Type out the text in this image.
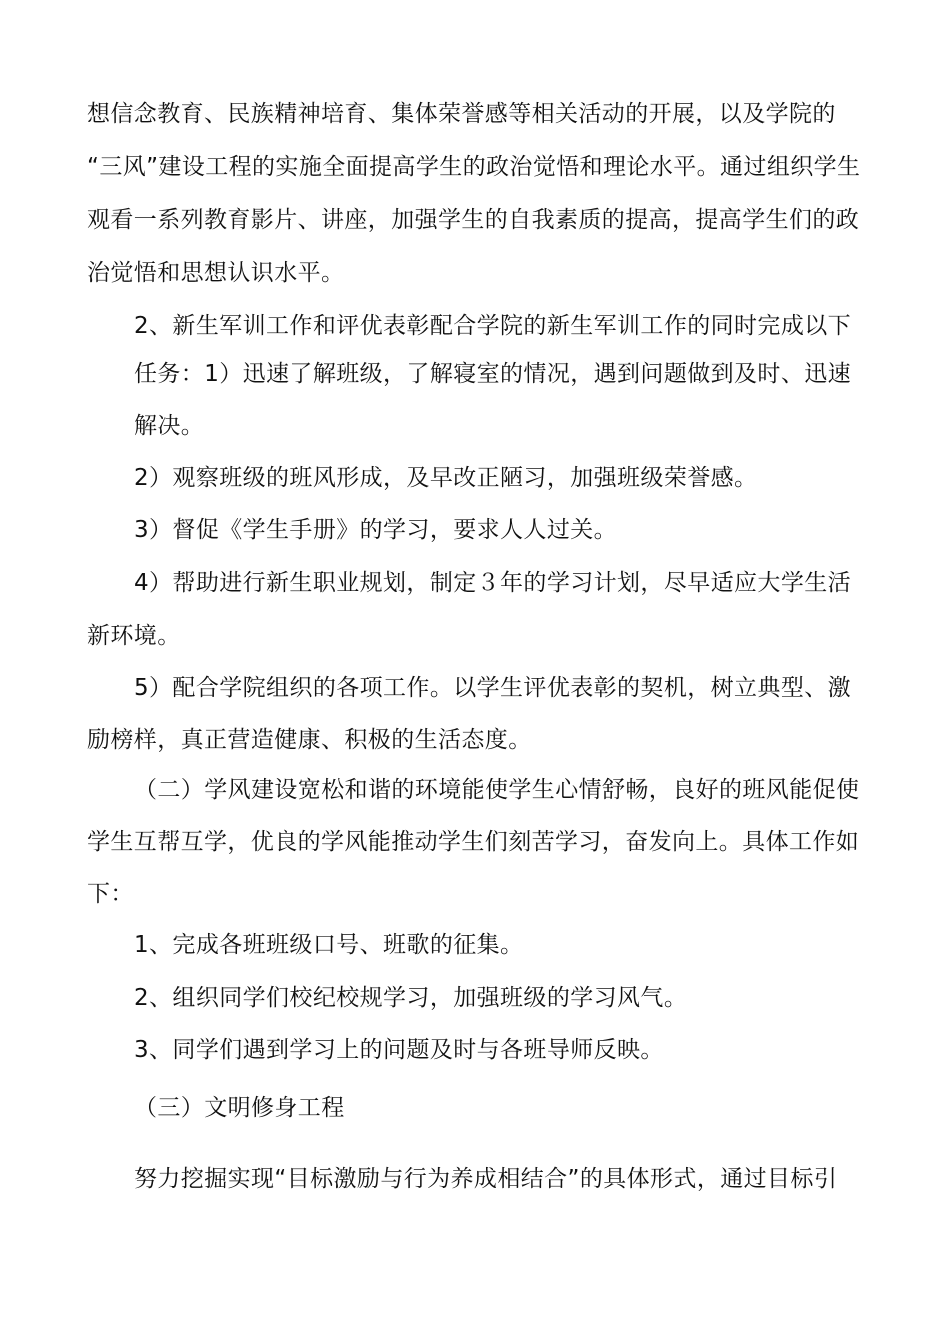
想信念教育、民族精神培育、集体荣誉感等相关活动的开展，以及学院的
“三风”建设工程的实施全面提高学生的政治觉悟和理论水平。通过组织学生
观看一系列教育影片、讲座，加强学生的自我素质的提高，提高学生们的政
治觉悟和思想认识水平。
2、新生军训工作和评优表彰配合学院的新生军训工作的同时完成以下
任务：1）迅速了解班级，了解寝室的情况，遇到问题做到及时、迅速
解决。
2）观察班级的班风形成，及早改正陋习，加强班级荣誉感。
3）督促《学生手册》的学习，要求人人过关。
4）帮助进行新生职业规划，制定３年的学习计划，尽早适应大学生活
新环境。
5）配合学院组织的各项工作。以学生评优表彰的契机，树立典型、激
励榜样，真正营造健康、积极的生活态度。
（二）学风建设宽松和谐的环境能使学生心情舒畅，良好的班风能促使
学生互帮互学，优良的学风能推动学生们刻苦学习，奋发向上。具体工作如
下：
1、完成各班班级口号、班歌的征集。
2、组织同学们校纪校规学习，加强班级的学习风气。
3、同学们遇到学习上的问题及时与各班导师反映。
（三）文明修身工程
努力挖掘实现“目标激励与行为养成相结合”的具体形式，通过目标引
